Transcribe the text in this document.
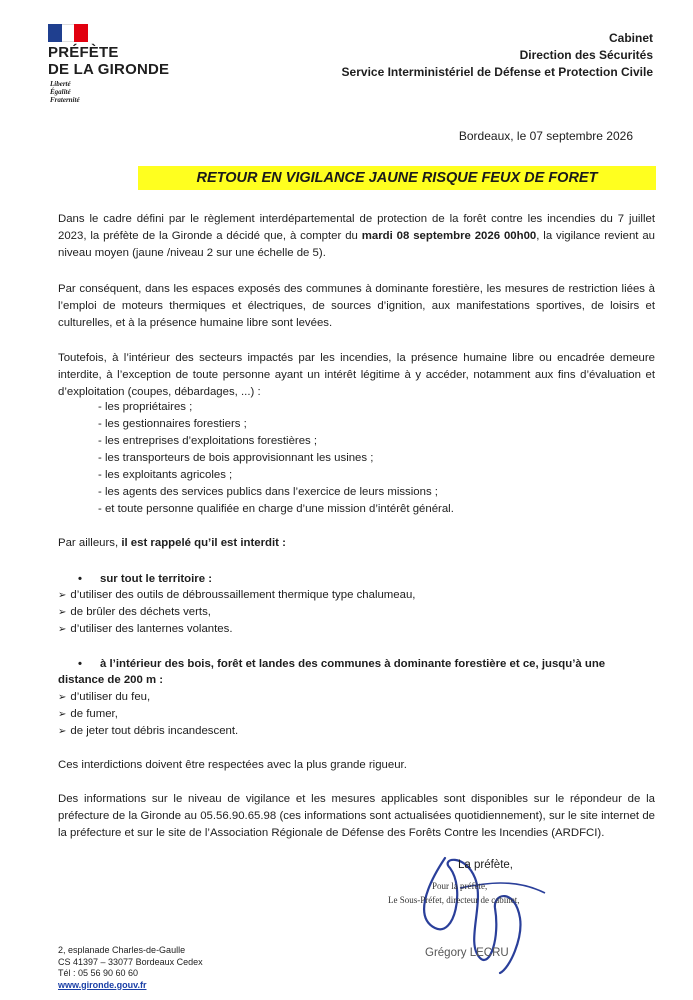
PRÉFÈTE
DE LA GIRONDE
Liberté
Égalité
Fraternité
Cabinet
Direction des Sécurités
Service Interministériel de Défense et Protection Civile
Bordeaux, le 07 septembre 2026
RETOUR EN VIGILANCE JAUNE RISQUE FEUX DE FORET
Dans le cadre défini par le règlement interdépartemental de protection de la forêt contre les incendies du 7 juillet 2023, la préfète de la Gironde a décidé que, à compter du mardi 08 septembre 2026 00h00, la vigilance revient au niveau moyen (jaune /niveau 2 sur une échelle de 5).
Par conséquent, dans les espaces exposés des communes à dominante forestière, les mesures de restriction liées à l’emploi de moteurs thermiques et électriques, de sources d’ignition, aux manifestations sportives, de loisirs et culturelles, et à la présence humaine libre sont levées.
Toutefois, à l’intérieur des secteurs impactés par les incendies, la présence humaine libre ou encadrée demeure interdite, à l’exception de toute personne ayant un intérêt légitime à y accéder, notamment aux fins d’évaluation et d’exploitation (coupes, débardages, ...) :
- les propriétaires ;
- les gestionnaires forestiers ;
- les entreprises d’exploitations forestières ;
- les transporteurs de bois approvisionnant les usines ;
- les exploitants agricoles ;
- les agents des services publics dans l’exercice de leurs missions ;
- et toute personne qualifiée en charge d’une mission d’intérêt général.
Par ailleurs, il est rappelé qu’il est interdit :
• sur tout le territoire :
➢ d’utiliser des outils de débroussaillement thermique type chalumeau,
➢ de brûler des déchets verts,
➢ d’utiliser des lanternes volantes.
• à l’intérieur des bois, forêt et landes des communes à dominante forestière et ce, jusqu’à une
distance de 200 m :
➢ d’utiliser du feu,
➢ de fumer,
➢ de jeter tout débris incandescent.
Ces interdictions doivent être respectées avec la plus grande rigueur.
Des informations sur le niveau de vigilance et les mesures applicables sont disponibles sur le répondeur de la préfecture de la Gironde au 05.56.90.65.98 (ces informations sont actualisées quotidiennement), sur le site internet de la préfecture et sur le site de l’Association Régionale de Défense des Forêts Contre les Incendies (ARDFCI).
La préfète,
Pour la préfète,
Le Sous-Préfet, directeur de cabinet,
Grégory LECRU
2, esplanade Charles-de-Gaulle
CS 41397 – 33077 Bordeaux Cedex
Tél : 05 56 90 60 60
www.gironde.gouv.fr
